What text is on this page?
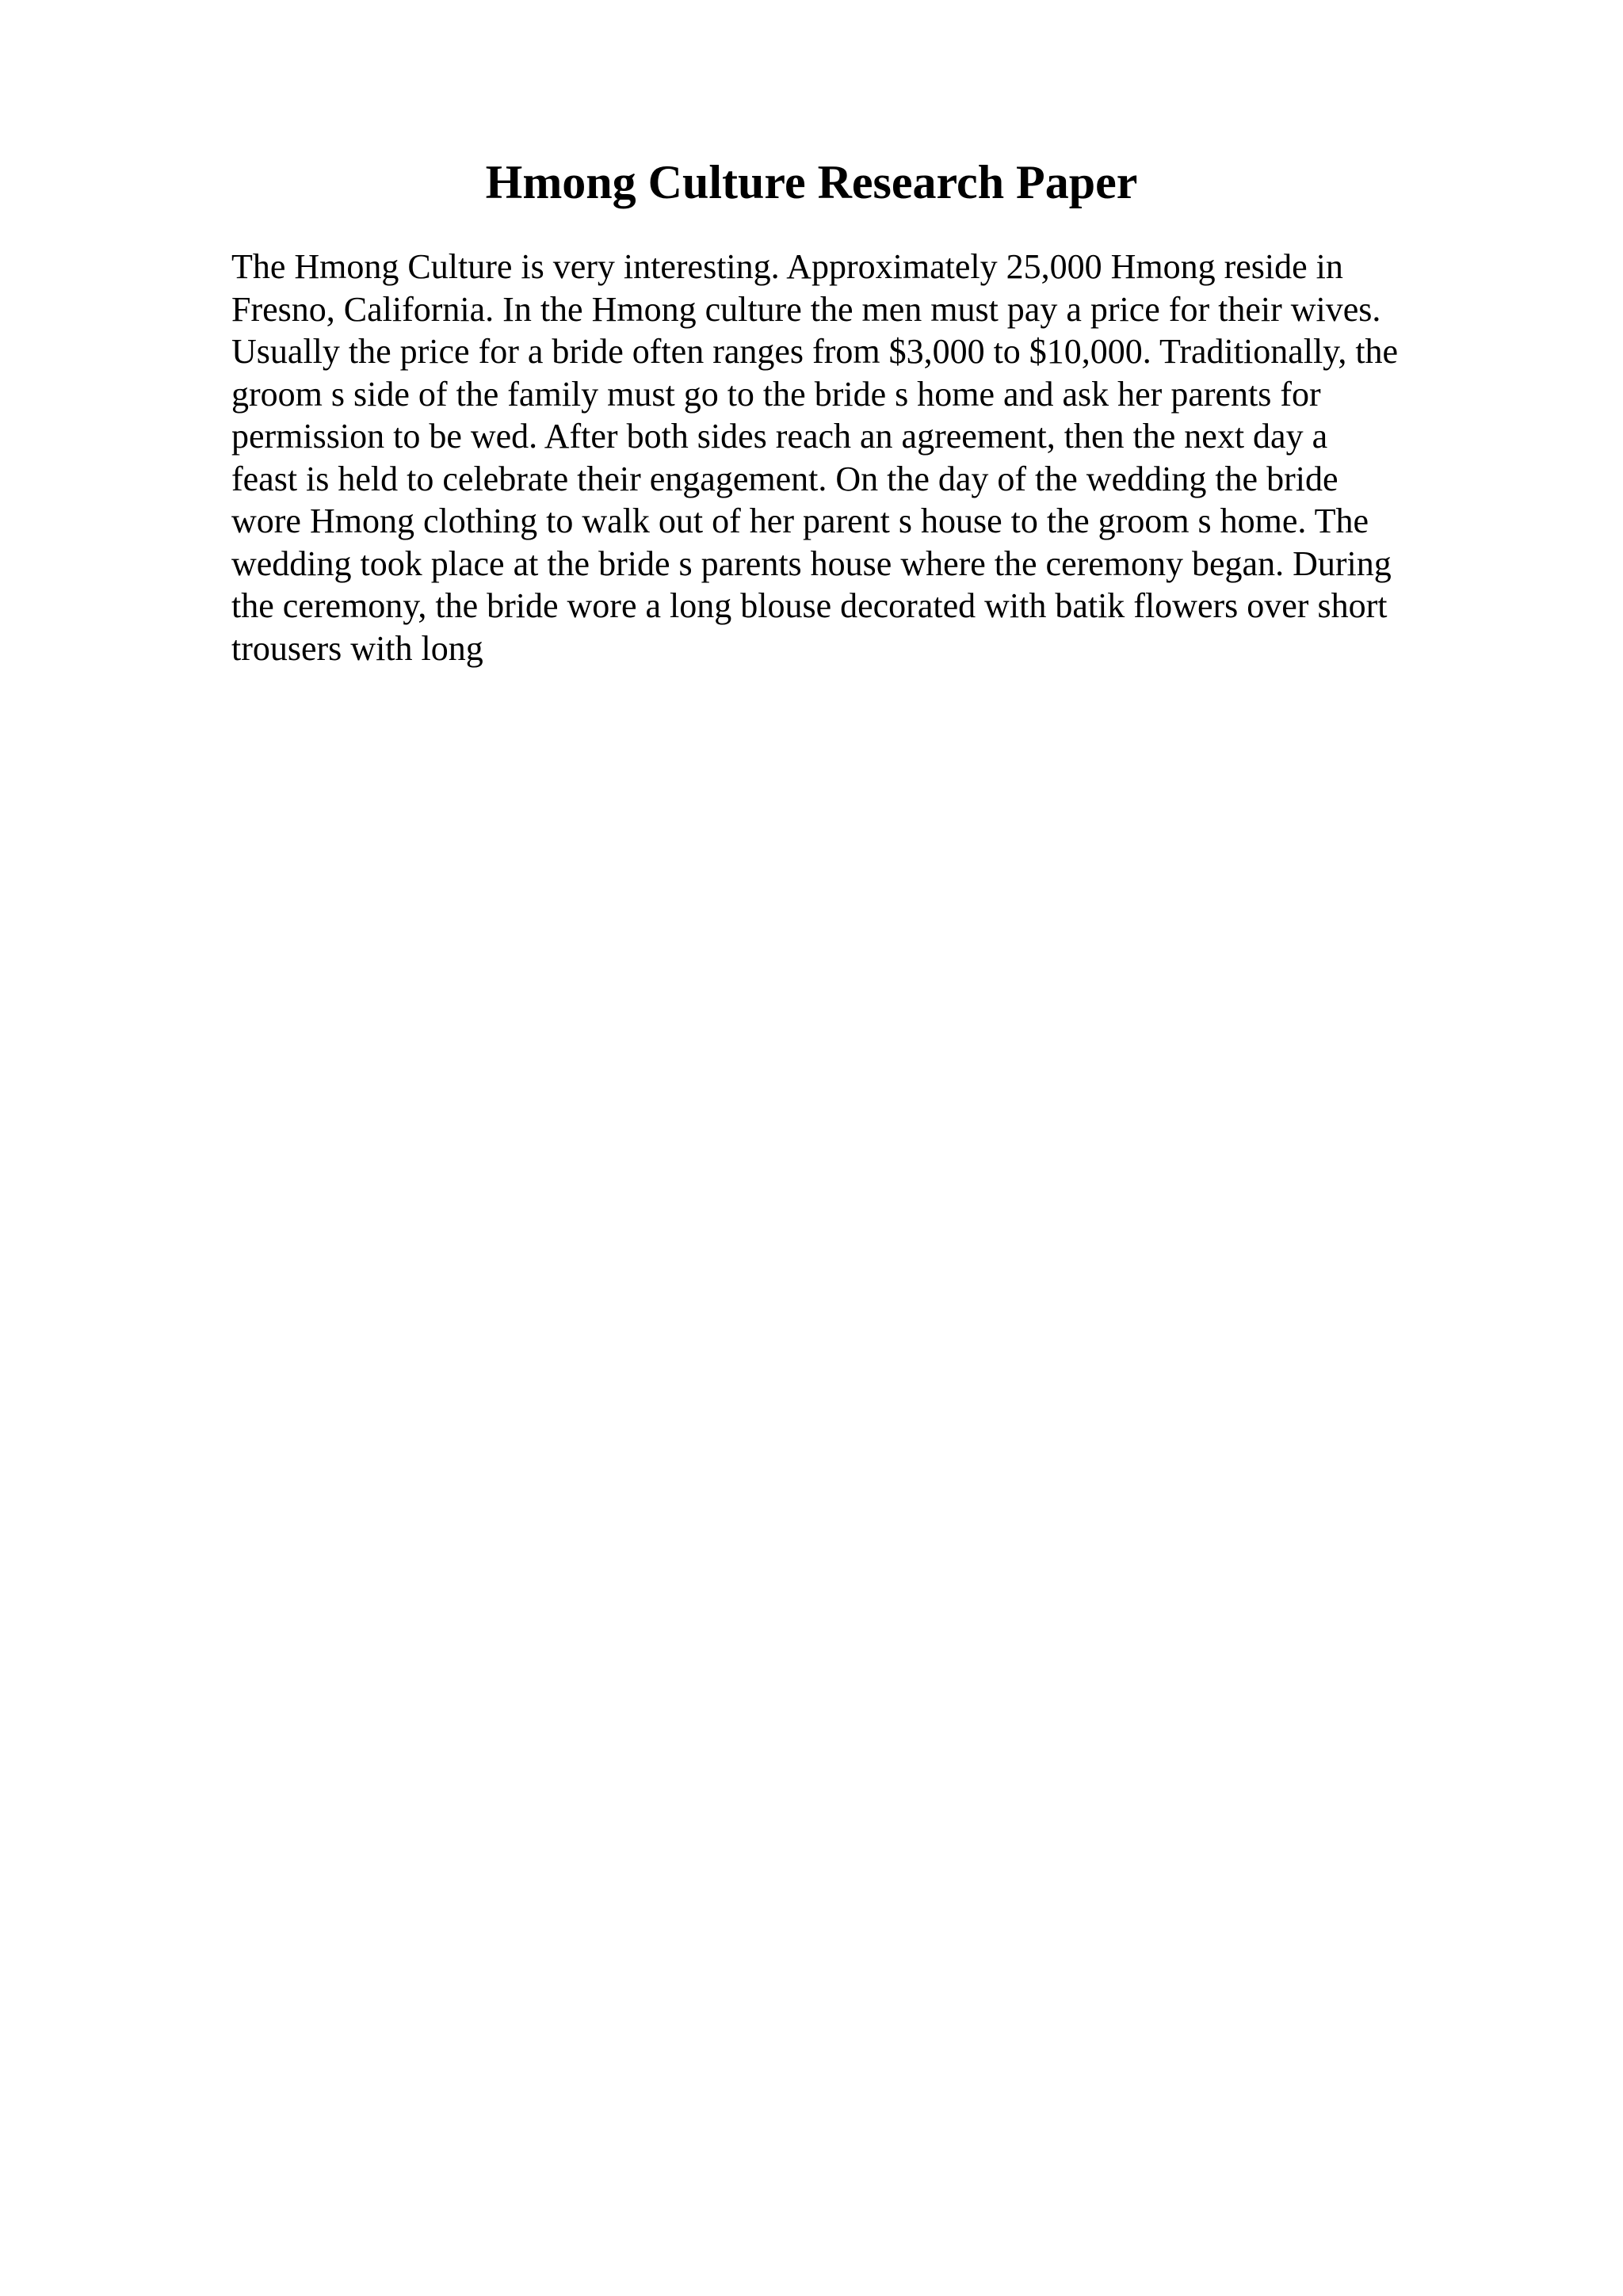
Hmong Culture Research Paper

The Hmong Culture is very interesting. Approximately 25,000 Hmong reside in
Fresno, California. In the Hmong culture the men must pay a price for their wives.
Usually the price for a bride often ranges from $3,000 to $10,000. Traditionally, the
groom s side of the family must go to the bride s home and ask her parents for
permission to be wed. After both sides reach an agreement, then the next day a
feast is held to celebrate their engagement. On the day of the wedding the bride
wore Hmong clothing to walk out of her parent s house to the groom s home. The
wedding took place at the bride s parents house where the ceremony began. During
the ceremony, the bride wore a long blouse decorated with batik flowers over short
trousers with long
